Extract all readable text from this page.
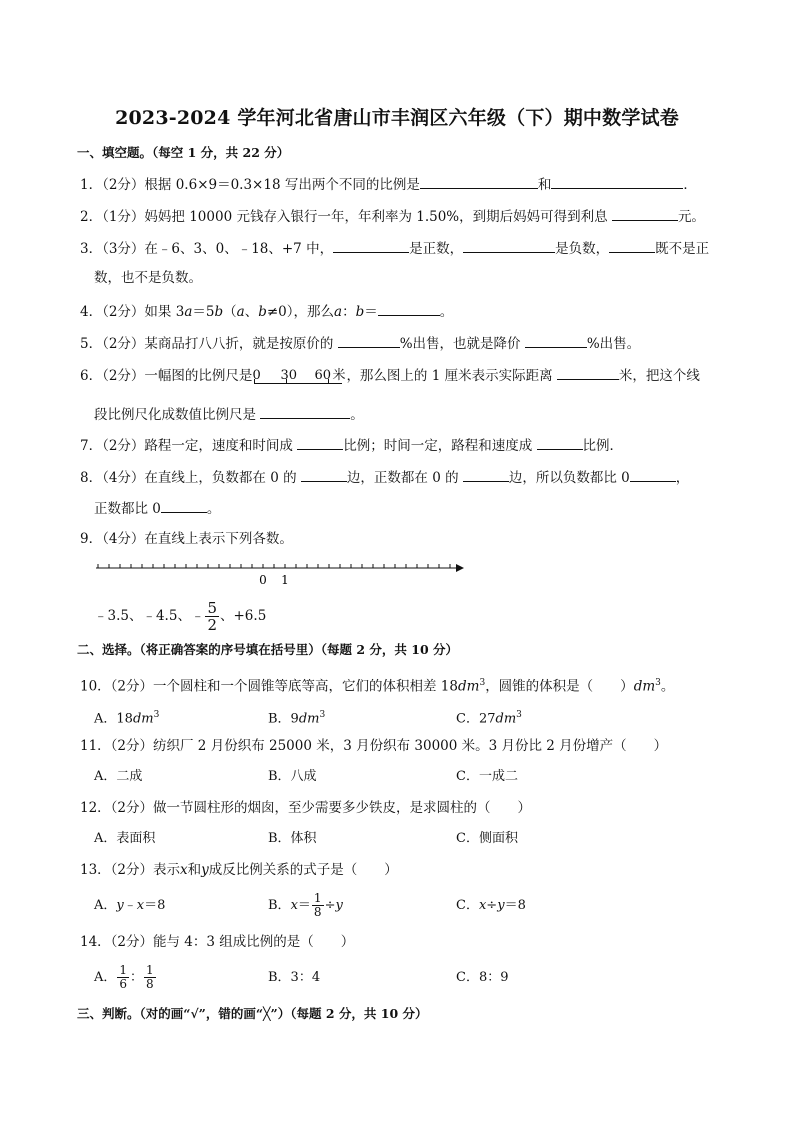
2023-2024 学年河北省唐山市丰润区六年级（下）期中数学试卷
一、填空题。（每空 1 分，共 22 分）
1．（2分）根据 0.6×9＝0.3×18 写出两个不同的比例是	和	．
2．（1分）妈妈把 10000 元钱存入银行一年，年利率为 1.50%，到期后妈妈可得到利息	元。
3．（3分）在﹣6、3、0、﹣18、+7 中，	是正数，	是负数，	既不是正
数，也不是负数。
4．（2分）如果 3a＝5b（a、b≠0），那么a：b＝	。
5．（2分）某商品打八八折，就是按原价的	%出售，也就是降价	%出售。
6．（2分）一幅图的比例尺是 0 30 60 米 ，那么图上的 1 厘米表示实际距离	米，把这个线
段比例尺化成数值比例尺是	。
7．（2分）路程一定，速度和时间成	比例；时间一定，路程和速度成	比例．
8．（4分）在直线上，负数都在 0 的	边，正数都在 0 的	边，所以负数都比 0	，
正数都比 0	。
9．（4分）在直线上表示下列各数。
0 1
﹣3.5、﹣4.5、﹣ $\frac{5}{2}$ 、+6.5
二、选择。（将正确答案的序号填在括号里）（每题 2 分，共 10 分）
10．（2分）一个圆柱和一个圆锥等底等高，它们的体积相差 $18dm^3$，圆锥的体积是（　　）$dm^3$。
A．$18dm^3$	B．$9dm^3$	C．$27dm^3$
11．（2分）纺织厂 2 月份织布 25000 米，3 月份织布 30000 米。3 月份比 2 月份增产（　　）
A．二成	B．八成	C．一成二
12．（2分）做一节圆柱形的烟囱，至少需要多少铁皮，是求圆柱的（　　）
A．表面积	B．体积	C．侧面积
13．（2分）表示x和y成反比例关系的式子是（　　）
A．y﹣x＝8	B．$x= \frac{1}{8} \div y$	C．x÷y＝8
14．（2分）能与 4：3 组成比例的是（　　）
A． $\frac{1}{6}$ ： $\frac{1}{8}$	B．3：4	C．8：9
三、判断。（对的画“√”，错的画“╳”）（每题 2 分，共 10 分）
